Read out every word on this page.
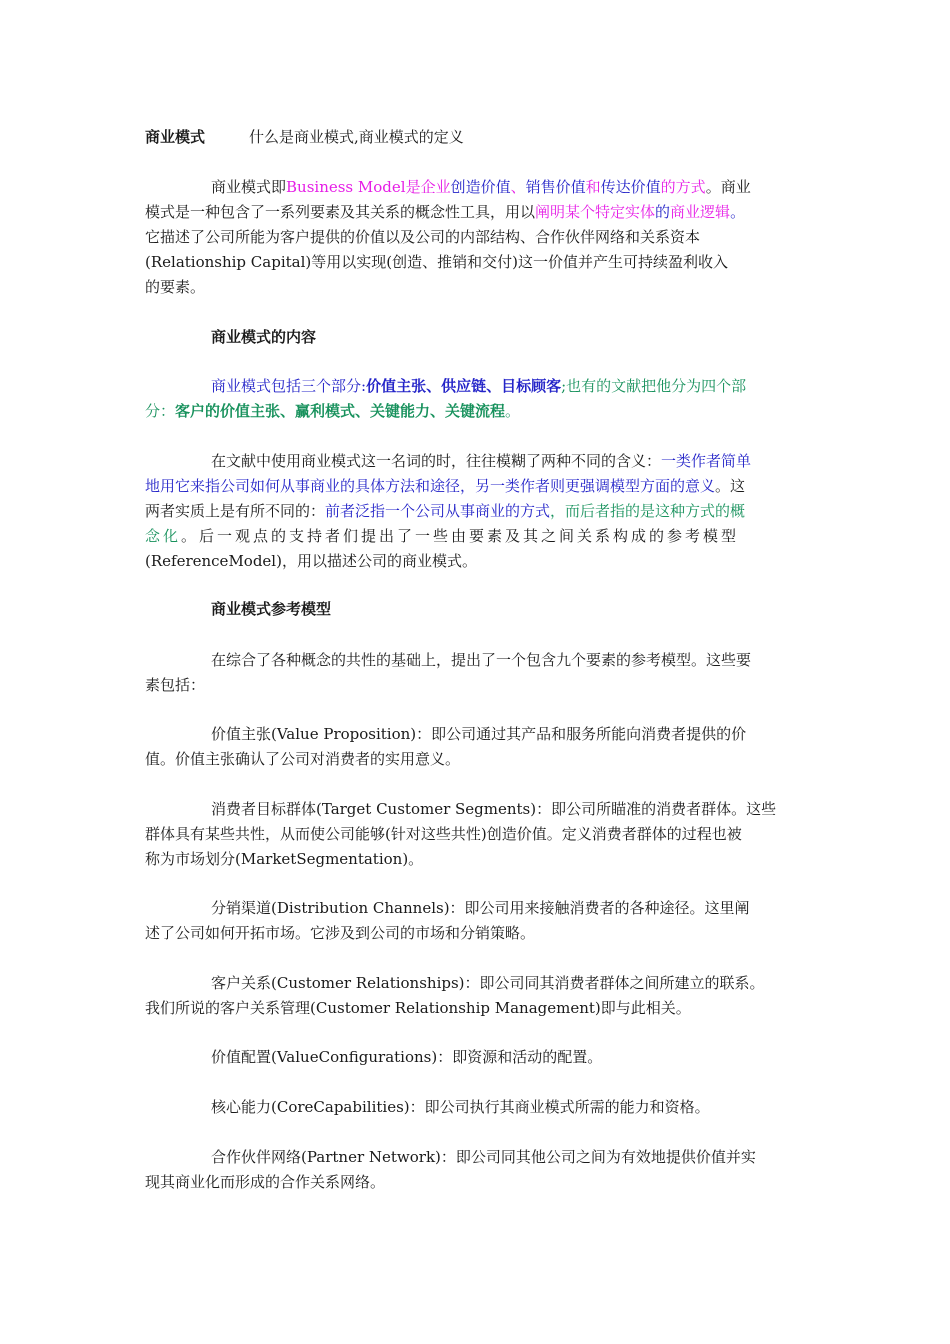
商业模式	什么是商业模式,商业模式的定义
商业模式即Business Model是企业创造价值、销售价值和传达价值的方式。商业
模式是一种包含了一系列要素及其关系的概念性工具，用以阐明某个特定实体的商业逻辑。
它描述了公司所能为客户提供的价值以及公司的内部结构、合作伙伴网络和关系资本
(Relationship Capital)等用以实现(创造、推销和交付)这一价值并产生可持续盈利收入
的要素。
商业模式的内容
商业模式包括三个部分:价值主张、供应链、目标顾客;也有的文献把他分为四个部
分：客户的价值主张、赢利模式、关键能力、关键流程。
在文献中使用商业模式这一名词的时，往往模糊了两种不同的含义：一类作者简单
地用它来指公司如何从事商业的具体方法和途径，另一类作者则更强调模型方面的意义。这
两者实质上是有所不同的：前者泛指一个公司从事商业的方式，而后者指的是这种方式的概
念化。后一观点的支持者们提出了一些由要素及其之间关系构成的参考模型
(ReferenceModel)，用以描述公司的商业模式。
商业模式参考模型
在综合了各种概念的共性的基础上，提出了一个包含九个要素的参考模型。这些要
素包括：
价值主张(Value Proposition)：即公司通过其产品和服务所能向消费者提供的价
值。价值主张确认了公司对消费者的实用意义。
消费者目标群体(Target Customer Segments)：即公司所瞄准的消费者群体。这些
群体具有某些共性，从而使公司能够(针对这些共性)创造价值。定义消费者群体的过程也被
称为市场划分(MarketSegmentation)。
分销渠道(Distribution Channels)：即公司用来接触消费者的各种途径。这里阐
述了公司如何开拓市场。它涉及到公司的市场和分销策略。
客户关系(Customer Relationships)：即公司同其消费者群体之间所建立的联系。
我们所说的客户关系管理(Customer Relationship Management)即与此相关。
价值配置(ValueConfigurations)：即资源和活动的配置。
核心能力(CoreCapabilities)：即公司执行其商业模式所需的能力和资格。
合作伙伴网络(Partner Network)：即公司同其他公司之间为有效地提供价值并实
现其商业化而形成的合作关系网络。
